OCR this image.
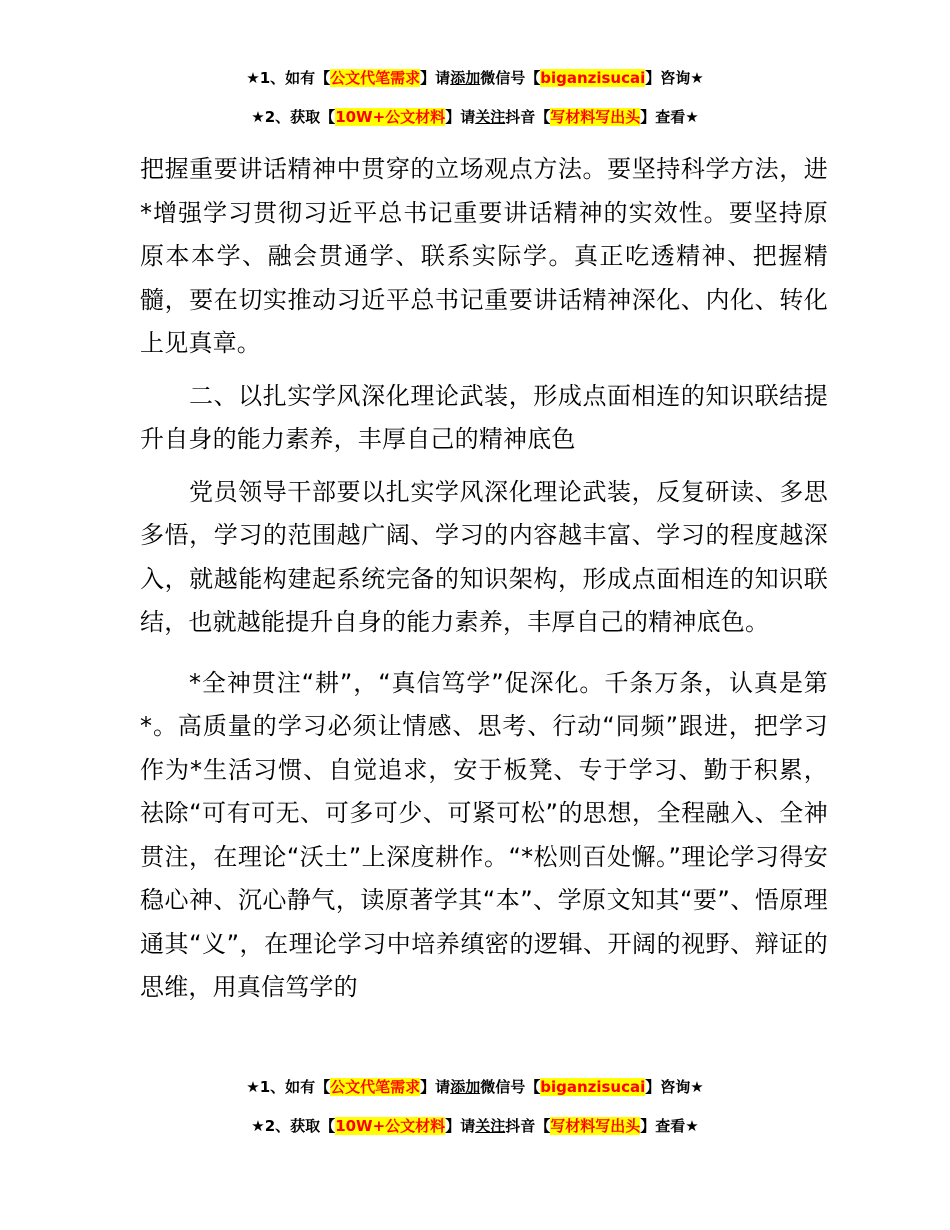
★1、如有【公文代笔需求】请添加微信号【biganzisucai】咨询★
★2、获取【10W+公文材料】请关注抖音【写材料写出头】查看★

把握重要讲话精神中贯穿的立场观点方法。要坚持科学方法，进*增强学习贯彻习近平总书记重要讲话精神的实效性。要坚持原原本本学、融会贯通学、联系实际学。真正吃透精神、把握精髓，要在切实推动习近平总书记重要讲话精神深化、内化、转化上见真章。

二、以扎实学风深化理论武装，形成点面相连的知识联结提升自身的能力素养，丰厚自己的精神底色

党员领导干部要以扎实学风深化理论武装，反复研读、多思多悟，学习的范围越广阔、学习的内容越丰富、学习的程度越深入，就越能构建起系统完备的知识架构，形成点面相连的知识联结，也就越能提升自身的能力素养，丰厚自己的精神底色。

*全神贯注“耕”，“真信笃学”促深化。千条万条，认真是第*。高质量的学习必须让情感、思考、行动“同频”跟进，把学习作为*生活习惯、自觉追求，安于板凳、专于学习、勤于积累，祛除“可有可无、可多可少、可紧可松”的思想，全程融入、全神贯注，在理论“沃土”上深度耕作。“*松则百处懈。”理论学习得安稳心神、沉心静气，读原著学其“本”、学原文知其“要”、悟原理通其“义”，在理论学习中培养缜密的逻辑、开阔的视野、辩证的思维，用真信笃学的

★1、如有【公文代笔需求】请添加微信号【biganzisucai】咨询★
★2、获取【10W+公文材料】请关注抖音【写材料写出头】查看★
